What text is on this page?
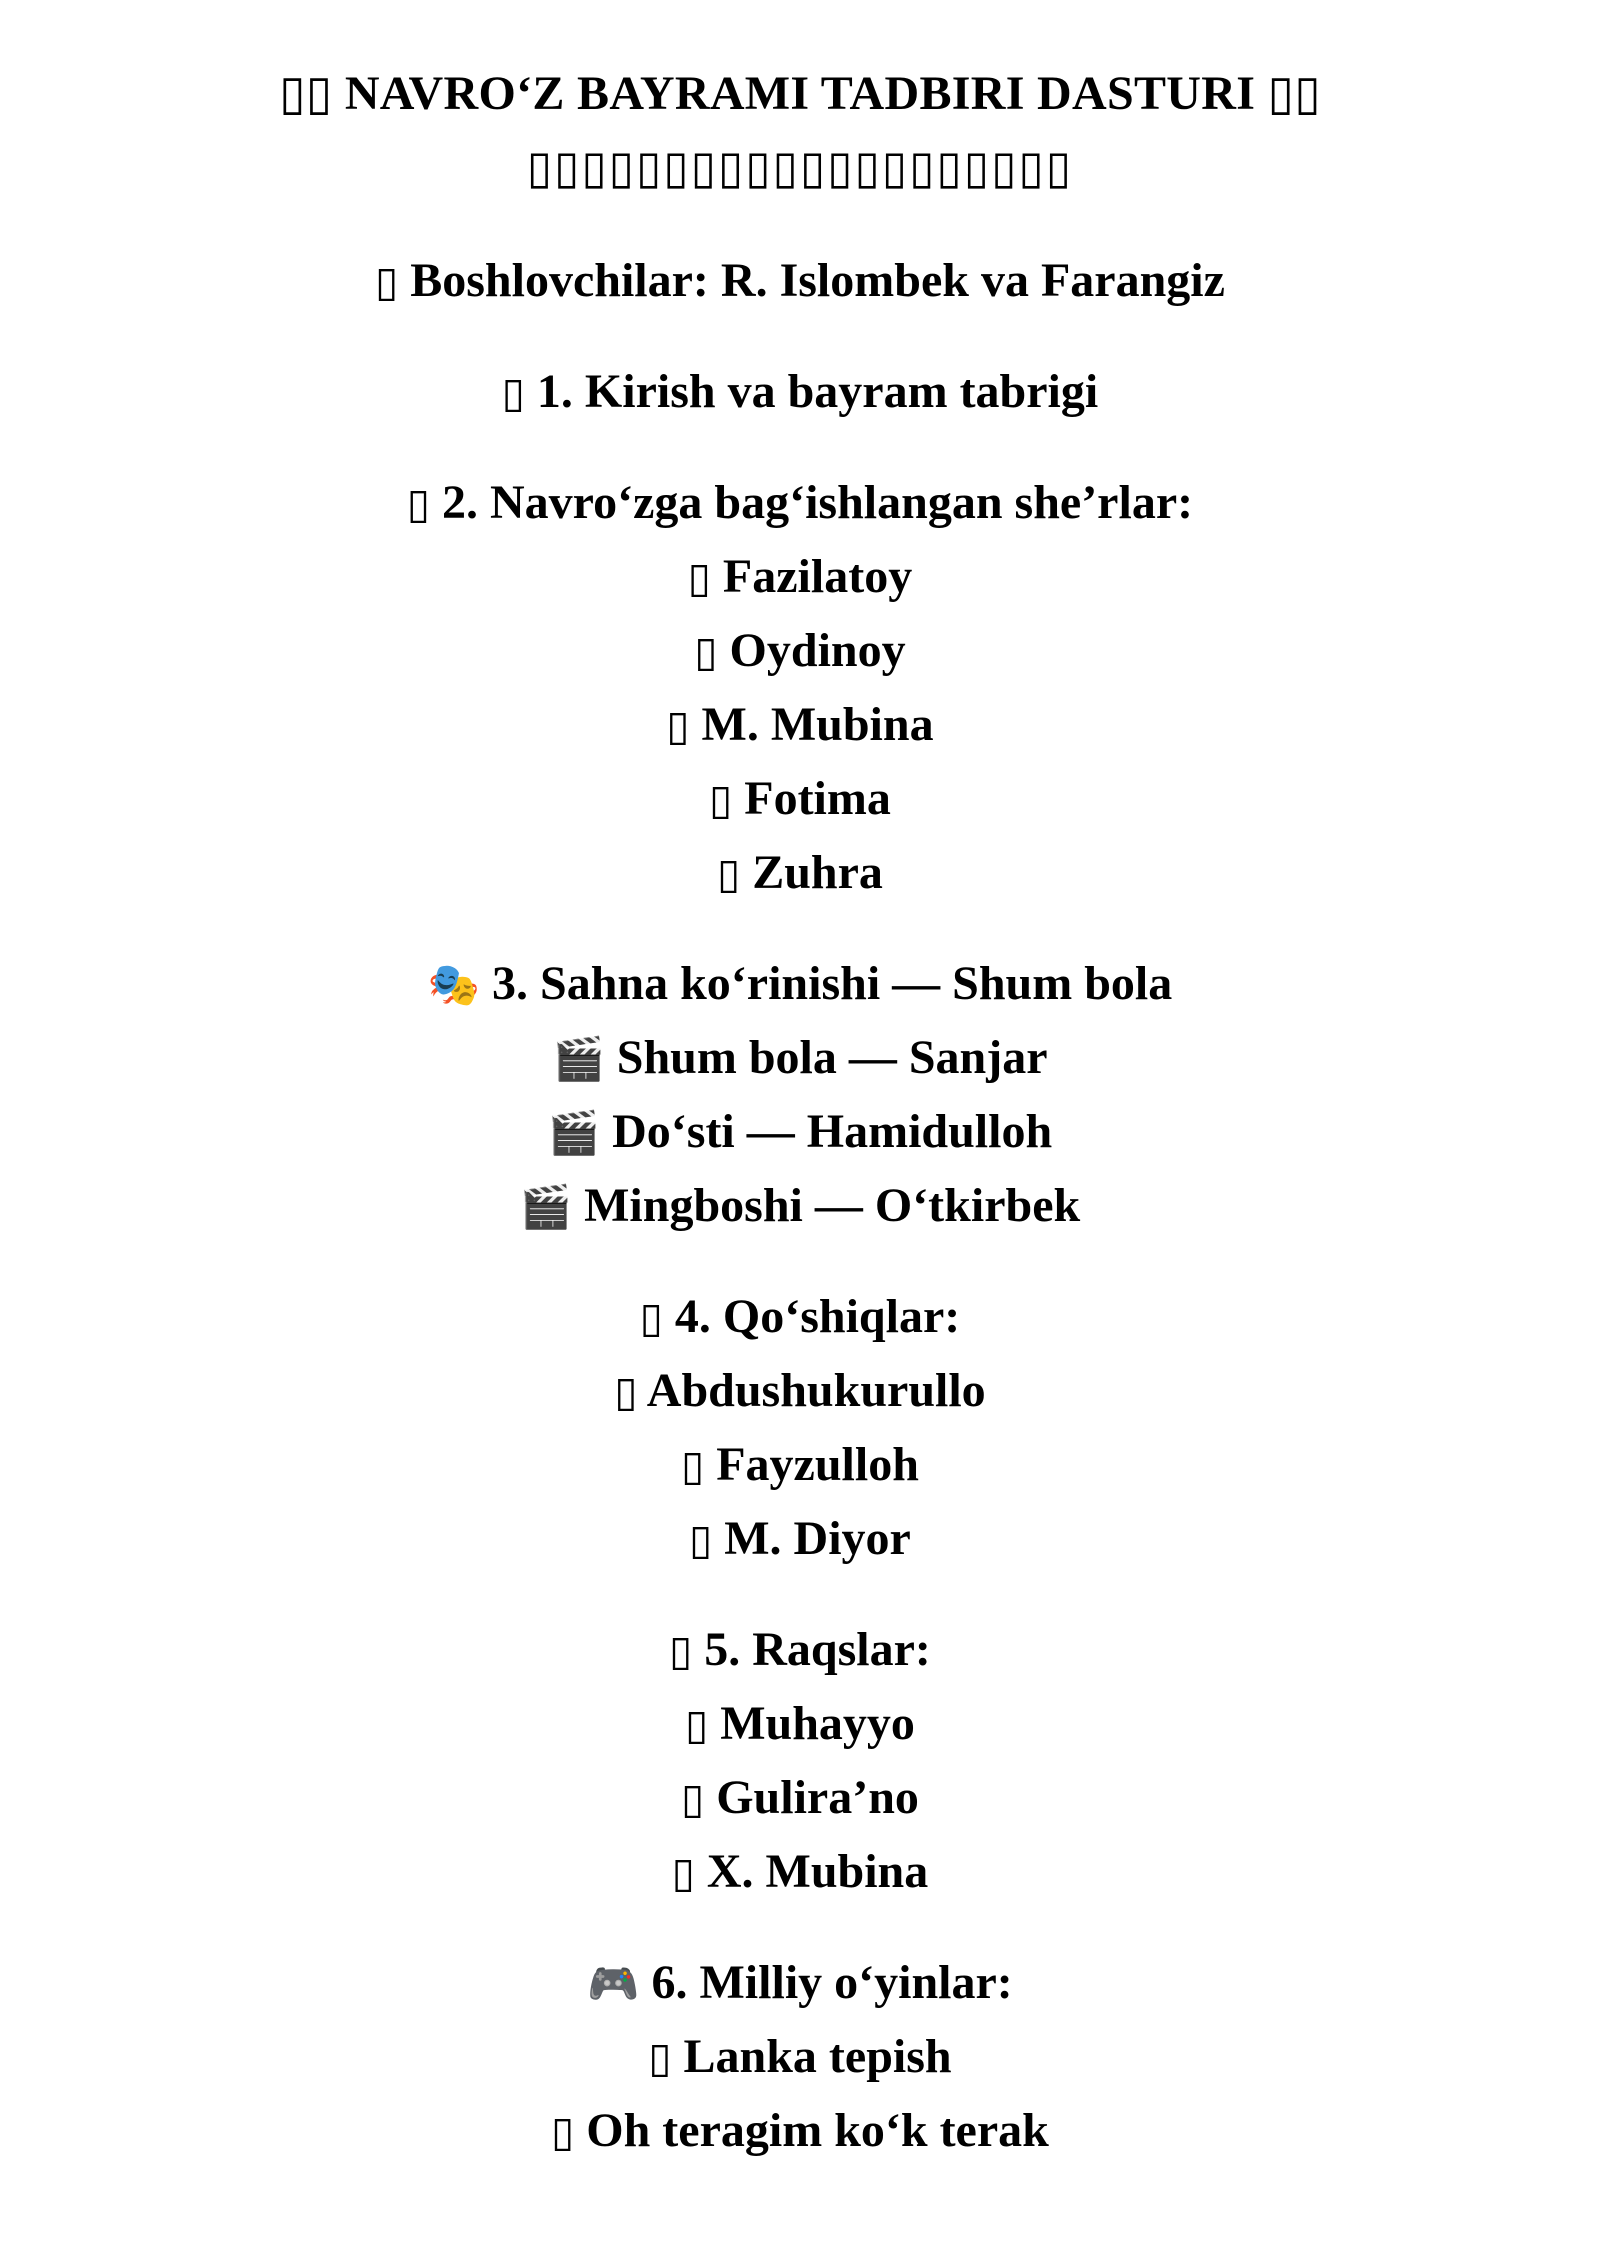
▯▯ NAVRO‘Z BAYRAMI TADBIRI DASTURI ▯▯
▯▯▯▯▯▯▯▯▯▯▯▯▯▯▯▯▯▯▯▯
▯ Boshlovchilar: R. Islombek va Farangiz
▯ 1. Kirish va bayram tabrigi
▯ 2. Navro‘zga bag‘ishlangan she’rlar:
▯ Fazilatoy
▯ Oydinoy
▯ M. Mubina
▯ Fotima
▯ Zuhra
🎭 3. Sahna ko‘rinishi — Shum bola
🎬 Shum bola — Sanjar
🎬 Do‘sti — Hamidulloh
🎬 Mingboshi — O‘tkirbek
▯ 4. Qo‘shiqlar:
▯ Abdushukurullo
▯ Fayzulloh
▯ M. Diyor
▯ 5. Raqslar:
▯ Muhayyo
▯ Gulira’no
▯ X. Mubina
🎮 6. Milliy o‘yinlar:
▯ Lanka tepish
▯ Oh teragim ko‘k terak
